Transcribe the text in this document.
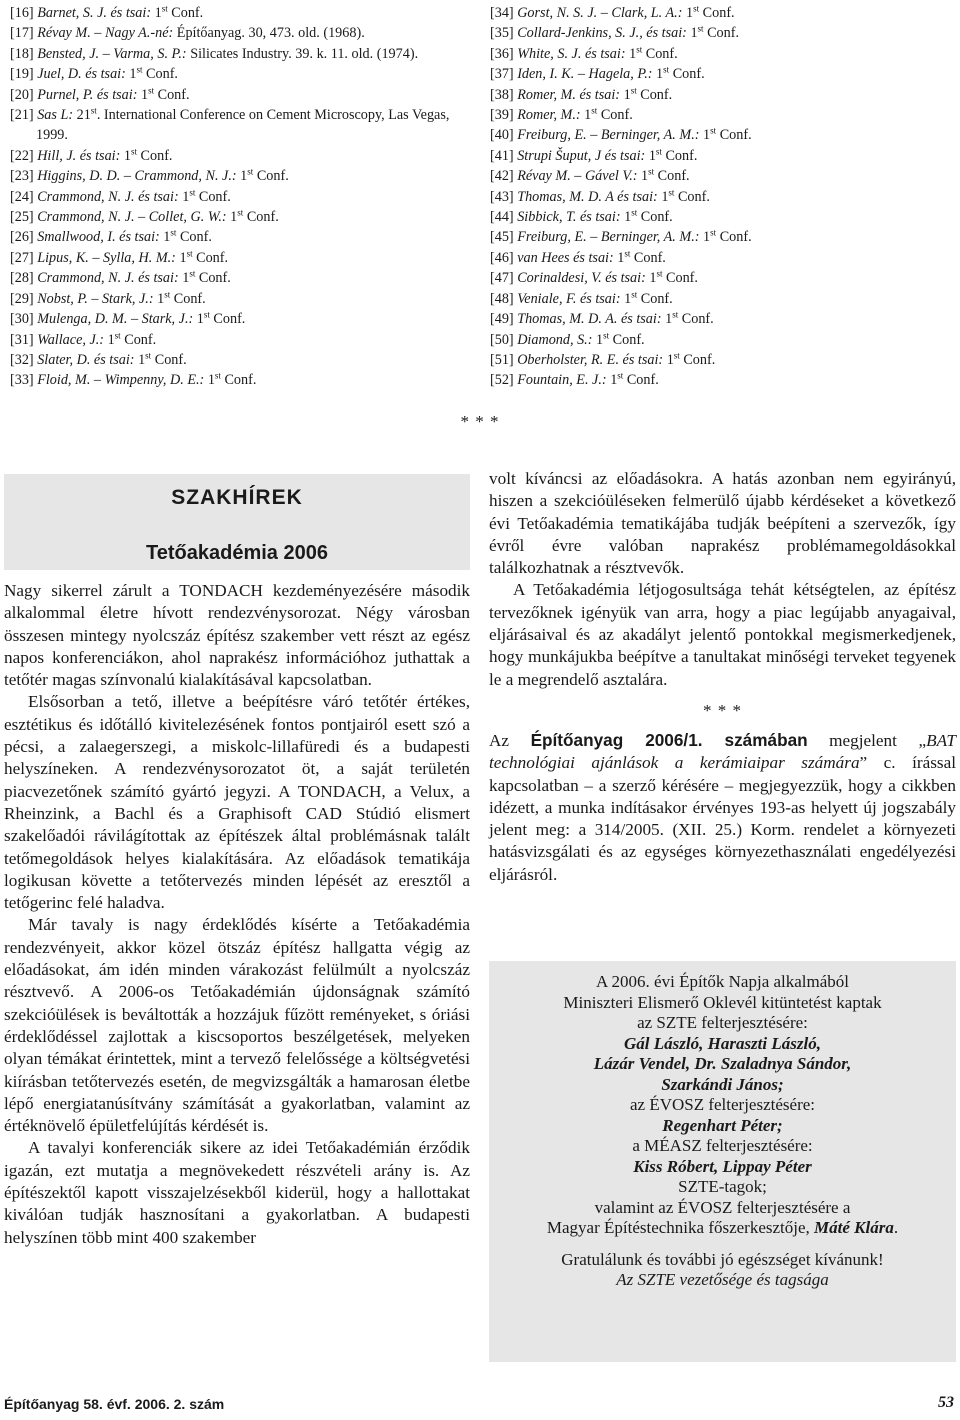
[16] Barnet, S. J. és tsai: 1st Conf.
[17] Révay M. – Nagy A.-né: Építőanyag. 30, 473. old. (1968).
[18] Bensted, J. – Varma, S. P.: Silicates Industry. 39. k. 11. old. (1974).
[19] Juel, D. és tsai: 1st Conf.
[20] Purnel, P. és tsai: 1st Conf.
[21] Sas L: 21st. International Conference on Cement Microscopy, Las Vegas, 1999.
[22] Hill, J. és tsai: 1st Conf.
[23] Higgins, D. D. – Crammond, N. J.: 1st Conf.
[24] Crammond, N. J. és tsai: 1st Conf.
[25] Crammond, N. J. – Collet, G. W.: 1st Conf.
[26] Smallwood, I. és tsai: 1st Conf.
[27] Lipus, K. – Sylla, H. M.: 1st Conf.
[28] Crammond, N. J. és tsai: 1st Conf.
[29] Nobst, P. – Stark, J.: 1st Conf.
[30] Mulenga, D. M. – Stark, J.: 1st Conf.
[31] Wallace, J.: 1st Conf.
[32] Slater, D. és tsai: 1st Conf.
[33] Floid, M. – Wimpenny, D. E.: 1st Conf.
[34] Gorst, N. S. J. – Clark, L. A.: 1st Conf.
[35] Collard-Jenkins, S. J., és tsai: 1st Conf.
[36] White, S. J. és tsai: 1st Conf.
[37] Iden, I. K. – Hagela, P.: 1st Conf.
[38] Romer, M. és tsai: 1st Conf.
[39] Romer, M.: 1st Conf.
[40] Freiburg, E. – Berninger, A. M.: 1st Conf.
[41] Strupi Šuput, J és tsai: 1st Conf.
[42] Révay M. – Gável V.: 1st Conf.
[43] Thomas, M. D. A és tsai: 1st Conf.
[44] Sibbick, T. és tsai: 1st Conf.
[45] Freiburg, E. – Berninger, A. M.: 1st Conf.
[46] van Hees és tsai: 1st Conf.
[47] Corinaldesi, V. és tsai: 1st Conf.
[48] Veniale, F. és tsai: 1st Conf.
[49] Thomas, M. D. A. és tsai: 1st Conf.
[50] Diamond, S.: 1st Conf.
[51] Oberholster, R. E. és tsai: 1st Conf.
[52] Fountain, E. J.: 1st Conf.
* * *
SZAKHÍREK
Tetőakadémia 2006

Nagy sikerrel zárult a TONDACH kezdeményezésére második alkalommal életre hívott rendezvénysorozat. Négy városban összesen mintegy nyolcszáz építész szakember vett részt az egész napos konferenciákon, ahol naprakész információhoz juthattak a tetőtér magas színvonalú kialakításával kapcsolatban.

Elsősorban a tető, illetve a beépítésre váró tetőtér értékes, esztétikus és időtálló kivitelezésének fontos pontjairól esett szó a pécsi, a zalaegerszegi, a miskolc-lillafüredi és a budapesti helyszíneken. A rendezvénysorozatot öt, a saját területén piacvezetőnek számító gyártó jegyzi. A TONDACH, a Velux, a Rheinzink, a Bachl és a Graphisoft CAD Stúdió elismert szakelőadói rávilágítottak az építészek által problémásnak talált tetőmegoldások helyes kialakítására. Az előadások tematikája logikusan követte a tetőtervezés minden lépését az eresztől a tetőgerinc felé haladva.

Már tavaly is nagy érdeklődés kísérte a Tetőakadémia rendezvényeit, akkor közel ötszáz építész hallgatta végig az előadásokat, ám idén minden várakozást felülmúlt a nyolcszáz résztvevő. A 2006-os Tetőakadémián újdonságnak számító szekcióülések is beváltották a hozzájuk fűzött reményeket, s óriási érdeklődéssel zajlottak a kiscsoportos beszélgetések, melyeken olyan témákat érintettek, mint a tervező felelőssége a költségvetési kiírásban tetőtervezés esetén, de megvizsgálták a hamarosan életbe lépő energiatanúsítvány számítását a gyakorlatban, valamint az értéknövelő épületfelújítás kérdését is.

A tavalyi konferenciák sikere az idei Tetőakadémián érződik igazán, ezt mutatja a megnövekedett részvételi arány is. Az építészektől kapott visszajelzésekből kiderül, hogy a hallottakat kiválóan tudják hasznosítani a gyakorlatban. A budapesti helyszínen több mint 400 szakember

volt kíváncsi az előadásokra. A hatás azonban nem egyirányú, hiszen a szekcióüléseken felmerülő újabb kérdéseket a következő évi Tetőakadémia tematikájába tudják beépíteni a szervezők, így évről évre valóban naprakész problémamegoldásokkal találkozhatnak a résztvevők.

A Tetőakadémia létjogosultsága tehát kétségtelen, az építész tervezőknek igényük van arra, hogy a piac legújabb anyagaival, eljárásaival és az akadályt jelentő pontokkal megismerkedjenek, hogy munkájukba beépítve a tanultakat minőségi terveket tegyenek le a megrendelő asztalára.

* * *

Az Építőanyag 2006/1. számában megjelent „BAT technológiai ajánlások a kerámiaipar számára” c. írással kapcsolatban – a szerző kérésére – megjegyezzük, hogy a cikkben idézett, a munka indításakor érvényes 193-as helyett új jogszabály jelent meg: a 314/2005. (XII. 25.) Korm. rendelet a környezeti hatásvizsgálati és az egységes környezethasználati engedélyezési eljárásról.

A 2006. évi Építők Napja alkalmából
Miniszteri Elismerő Oklevél kitüntetést kaptak
az SZTE felterjesztésére:
Gál László, Haraszti László,
Lázár Vendel, Dr. Szaladnya Sándor,
Szarkándi János;
az ÉVOSZ felterjesztésére:
Regenhart Péter;
a MÉASZ felterjesztésére:
Kiss Róbert, Lippay Péter
SZTE-tagok;
valamint az ÉVOSZ felterjesztésére a
Magyar Építéstechnika főszerkesztője, Máté Klára.
Gratulálunk és további jó egészséget kívánunk!
Az SZTE vezetősége és tagsága
Építőanyag 58. évf. 2006. 2. szám	53
